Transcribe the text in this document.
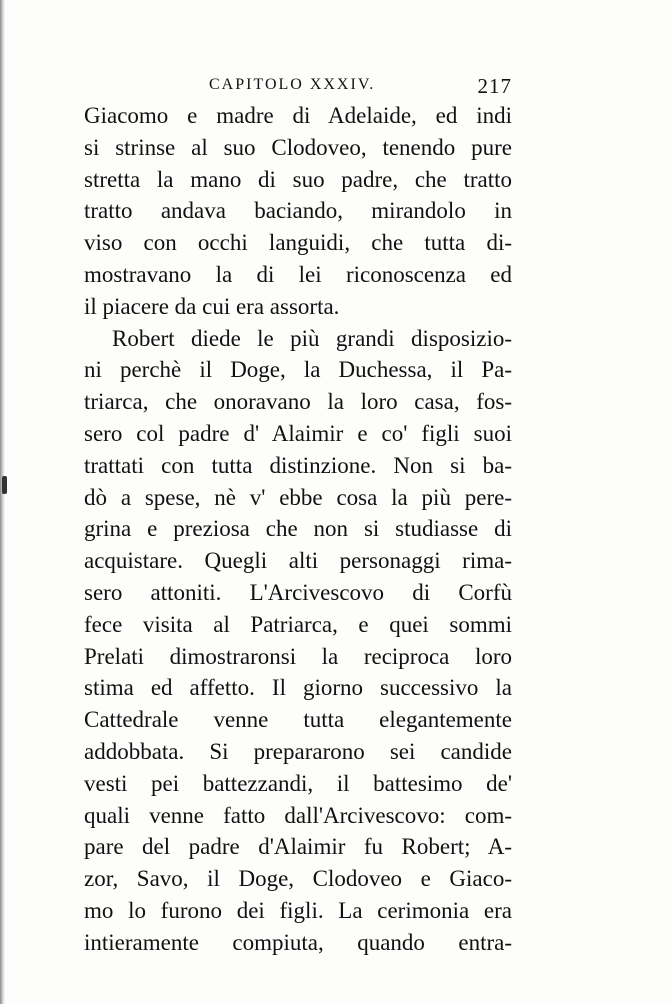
CAPITOLO XXXIV.	217
Giacomo e madre di Adelaide, ed indi
si strinse al suo Clodoveo, tenendo pure
stretta la mano di suo padre, che tratto
tratto andava baciando, mirandolo in
viso con occhi languidi, che tutta di-
mostravano la di lei riconoscenza ed
il piacere da cui era assorta.
Robert diede le più grandi disposizio-
ni perchè il Doge, la Duchessa, il Pa-
triarca, che onoravano la loro casa, fos-
sero col padre d' Alaimir e co' figli suoi
trattati con tutta distinzione. Non si ba-
dò a spese, nè v' ebbe cosa la più pere-
grina e preziosa che non si studiasse di
acquistare. Quegli alti personaggi rima-
sero attoniti. L'Arcivescovo di Corfù
fece visita al Patriarca, e quei sommi
Prelati dimostraronsi la reciproca loro
stima ed affetto. Il giorno successivo la
Cattedrale venne tutta elegantemente
addobbata. Si prepararono sei candide
vesti pei battezzandi, il battesimo de'
quali venne fatto dall'Arcivescovo: com-
pare del padre d'Alaimir fu Robert; A-
zor, Savo, il Doge, Clodoveo e Giaco-
mo lo furono dei figli. La cerimonia era
intieramente compiuta, quando entra-
